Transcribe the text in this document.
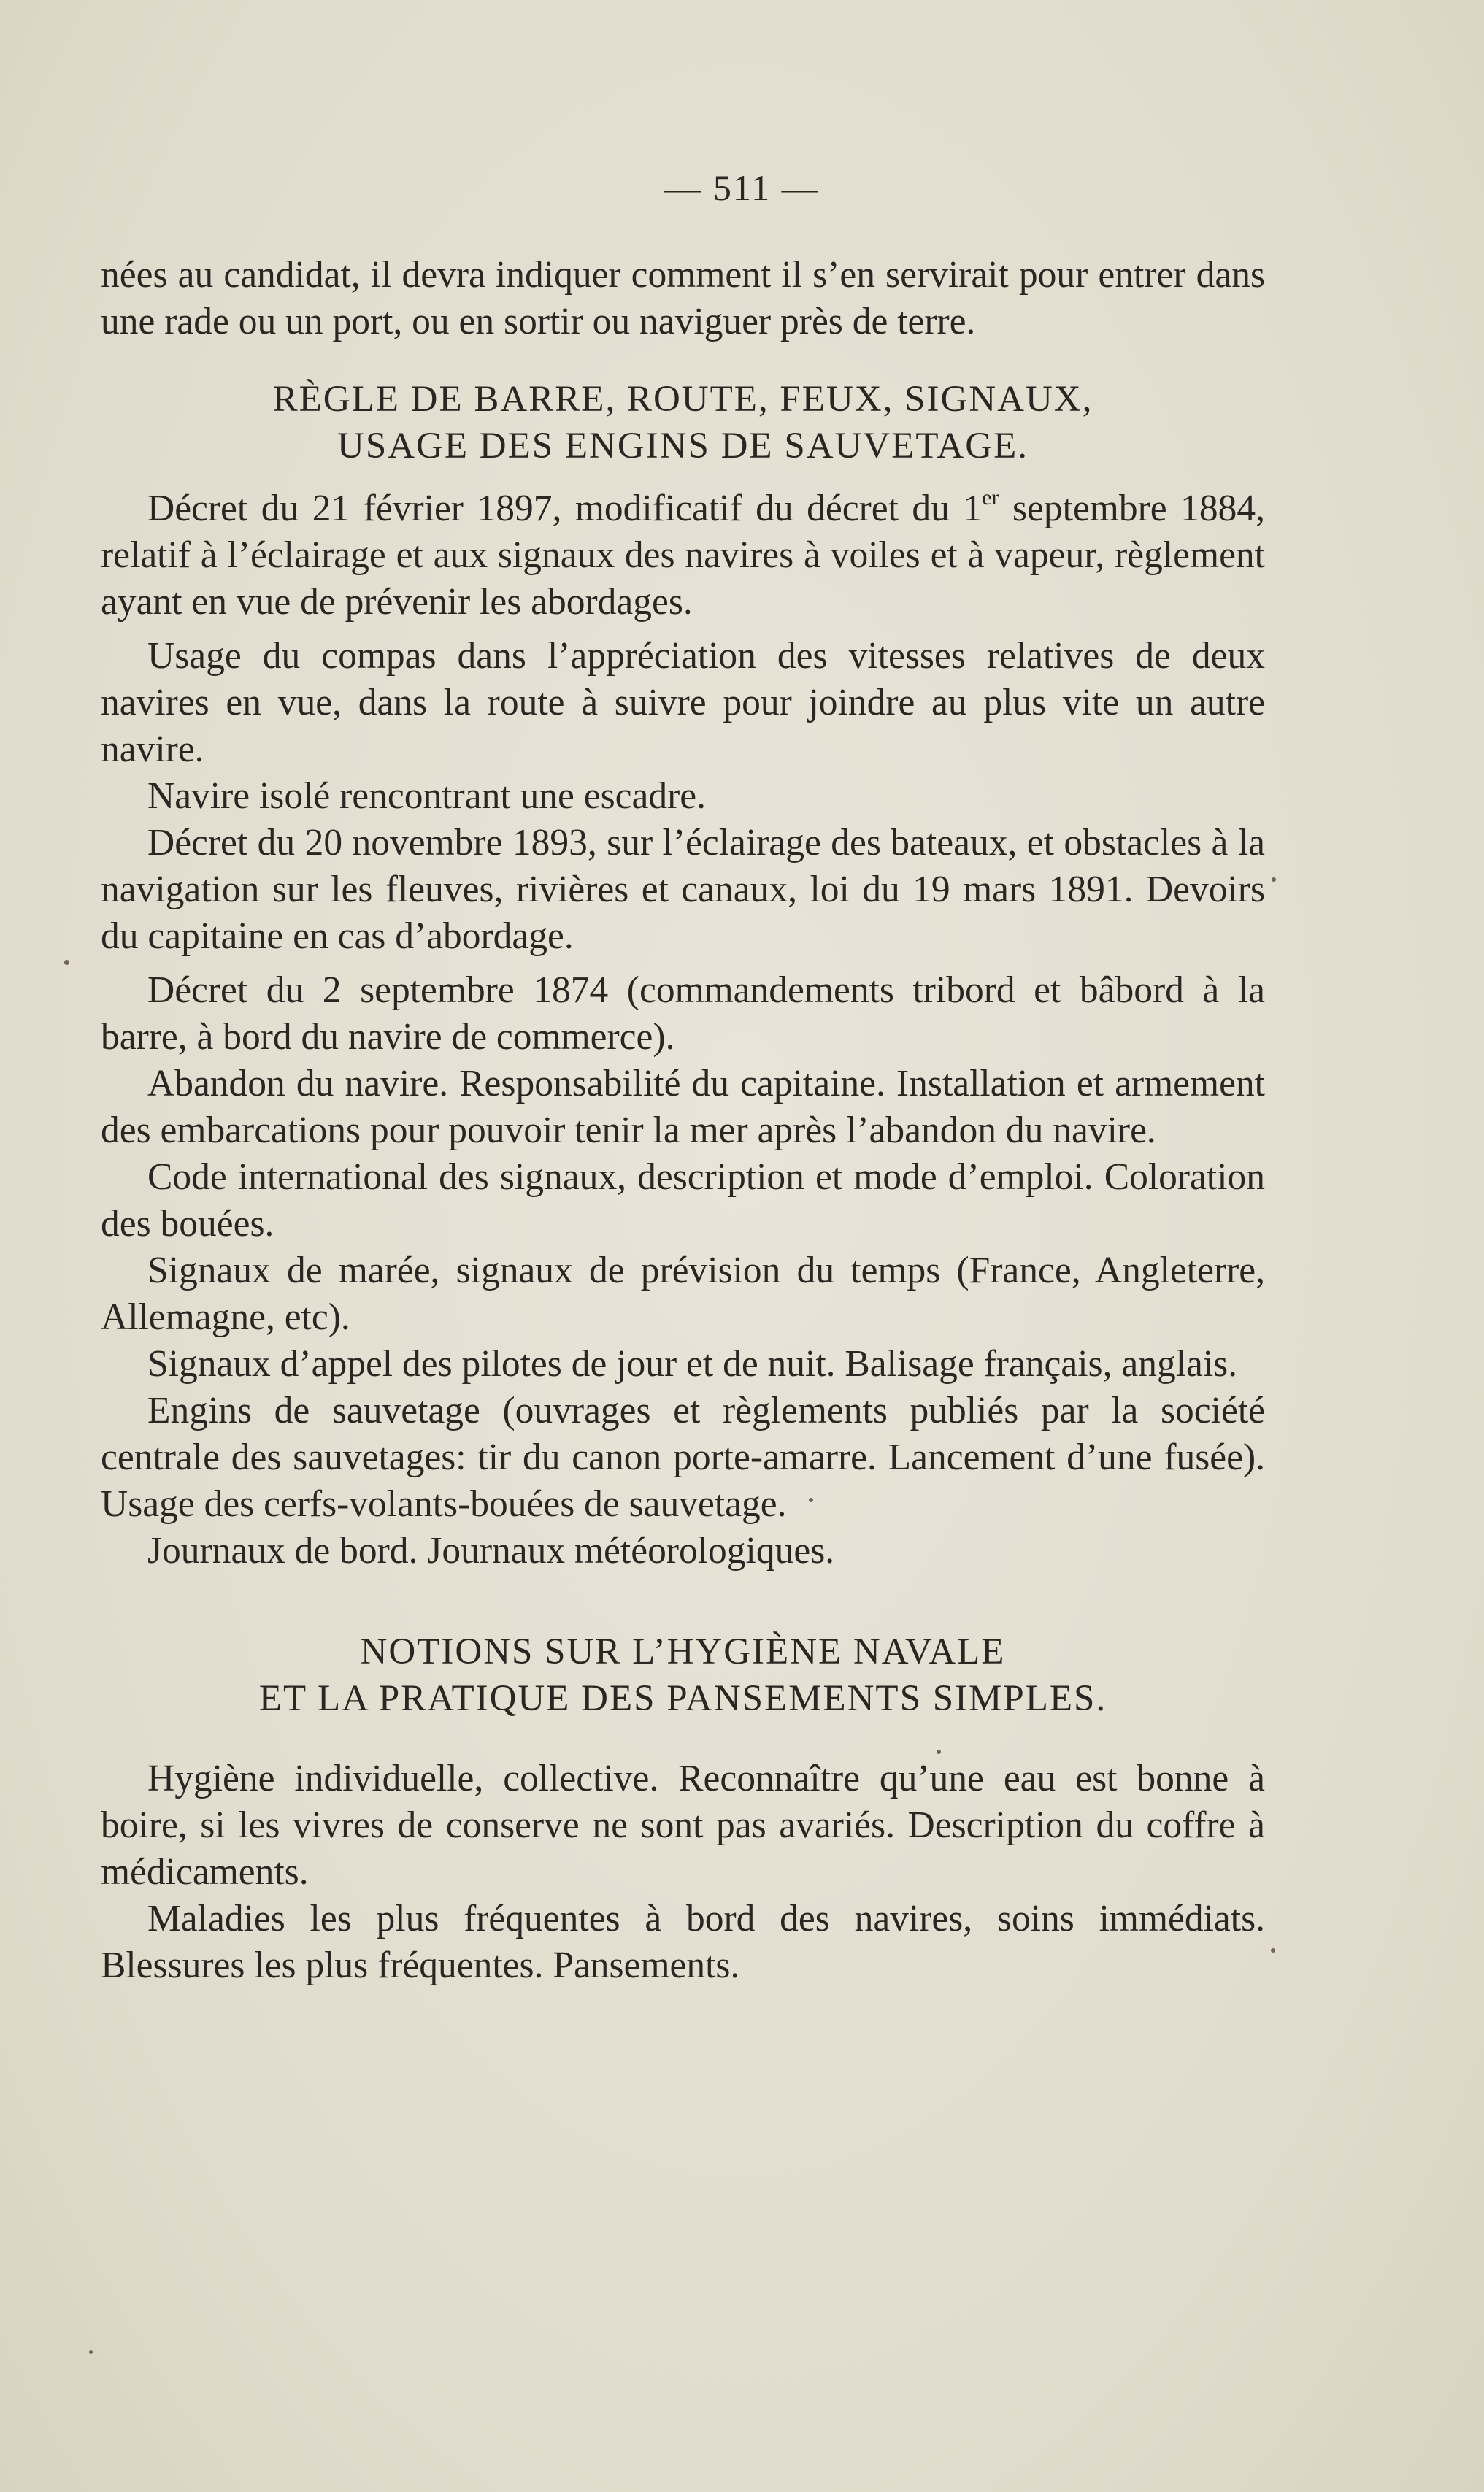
— 511 —

nées au candidat, il devra indiquer comment il s’en servirait pour entrer dans une rade ou un port, ou en sortir ou naviguer près de terre.

RÈGLE DE BARRE, ROUTE, FEUX, SIGNAUX,

USAGE DES ENGINS DE SAUVETAGE.

Décret du 21 février 1897, modificatif du décret du 1er septembre 1884, relatif à l’éclairage et aux signaux des navires à voiles et à vapeur, règlement ayant en vue de prévenir les abordages.

Usage du compas dans l’appréciation des vitesses relatives de deux navires en vue, dans la route à suivre pour joindre au plus vite un autre navire.

Navire isolé rencontrant une escadre.

Décret du 20 novembre 1893, sur l’éclairage des bateaux, et obstacles à la navigation sur les fleuves, rivières et canaux, loi du 19 mars 1891. Devoirs du capitaine en cas d’abordage.

Décret du 2 septembre 1874 (commandements tribord et bâbord à la barre, à bord du navire de commerce).

Abandon du navire. Responsabilité du capitaine. Installation et armement des embarcations pour pouvoir tenir la mer après l’abandon du navire.

Code international des signaux, description et mode d’emploi. Coloration des bouées.

Signaux de marée, signaux de prévision du temps (France, Angleterre, Allemagne, etc).

Signaux d’appel des pilotes de jour et de nuit. Balisage français, anglais.

Engins de sauvetage (ouvrages et règlements publiés par la société centrale des sauvetages: tir du canon porte-amarre. Lancement d’une fusée). Usage des cerfs-volants-bouées de sauvetage.

Journaux de bord. Journaux météorologiques.

NOTIONS SUR L’HYGIÈNE NAVALE

ET LA PRATIQUE DES PANSEMENTS SIMPLES.

Hygiène individuelle, collective. Reconnaître qu’une eau est bonne à boire, si les vivres de conserve ne sont pas avariés. Description du coffre à médicaments.

Maladies les plus fréquentes à bord des navires, soins immédiats. Blessures les plus fréquentes. Pansements.
